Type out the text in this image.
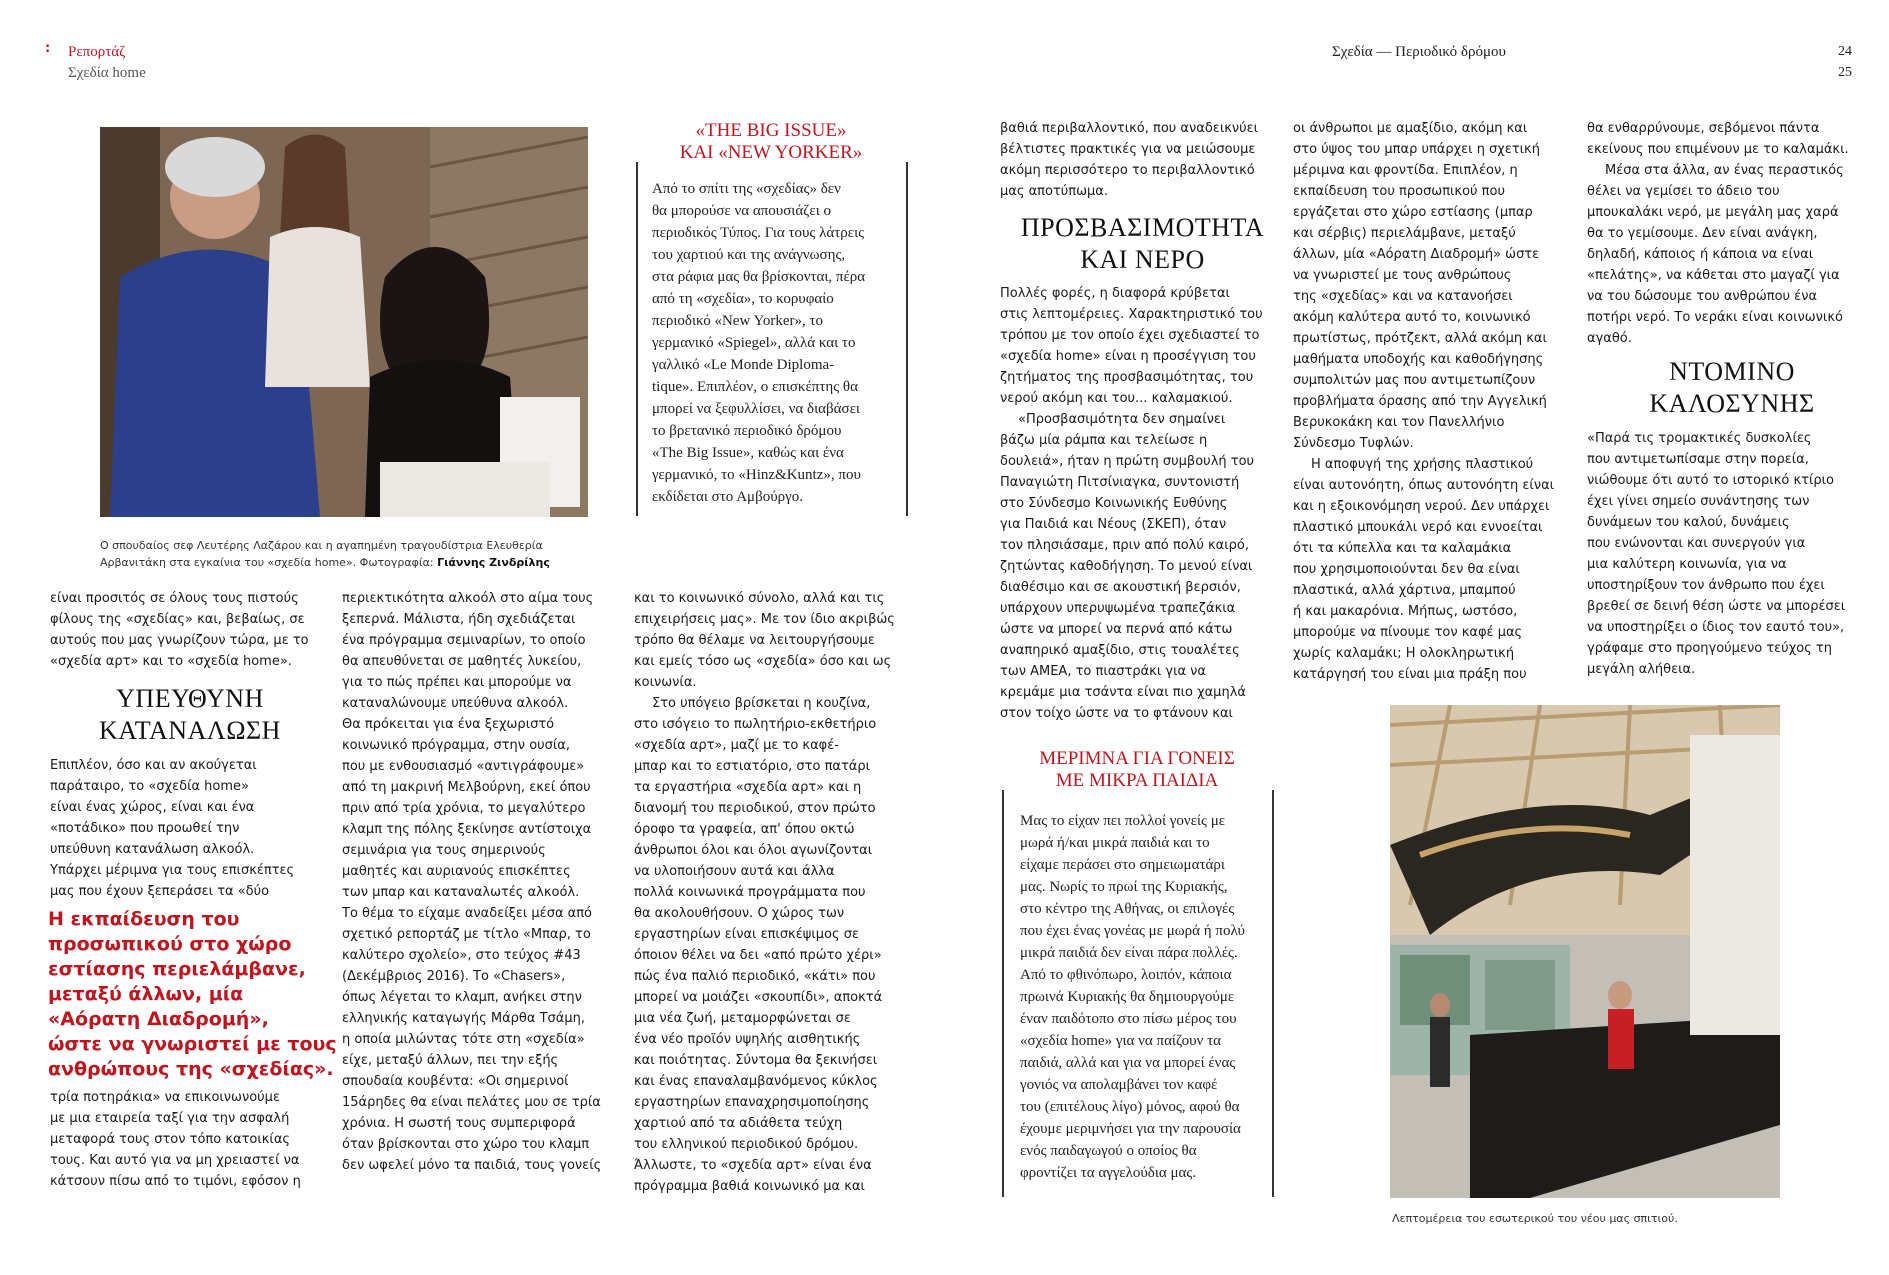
: Ρεπορτάζ
Σχεδία home
Σχεδία — Περιοδικό δρόμου	24
25
Ο σπουδαίος σεφ Λευτέρης Λαζάρου και η αγαπημένη τραγουδίστρια Ελευθερία
Αρβανιτάκη στα εγκαίνια του «σχεδία home». Φωτογραφία: Γιάννης Ζινδρίλης
«THE BIG ISSUE»
ΚΑΙ «NEW YORKER»
Από το σπίτι της «σχεδίας» δεν
θα μπορούσε να απουσιάζει ο
περιοδικός Τύπος. Για τους λάτρεις
του χαρτιού και της ανάγνωσης,
στα ράφια μας θα βρίσκονται, πέρα
από τη «σχεδία», το κορυφαίο
περιοδικό «New Yorker», το
γερμανικό «Spiegel», αλλά και το
γαλλικό «Le Monde Diploma-
tique». Επιπλέον, ο επισκέπτης θα
μπορεί να ξεφυλλίσει, να διαβάσει
το βρετανικό περιοδικό δρόμου
«The Big Issue», καθώς και ένα
γερμανικό, το «Hinz&Kuntz», που
εκδίδεται στο Αμβούργο.
είναι προσιτός σε όλους τους πιστούς
φίλους της «σχεδίας» και, βεβαίως, σε
αυτούς που μας γνωρίζουν τώρα, με το
«σχεδία αρτ» και το «σχεδία home».
ΥΠΕΥΘΥΝΗ
ΚΑΤΑΝΑΛΩΣΗ
Επιπλέον, όσο και αν ακούγεται
παράταιρο, το «σχεδία home»
είναι ένας χώρος, είναι και ένα
«ποτάδικο» που προωθεί την
υπεύθυνη κατανάλωση αλκοόλ.
Υπάρχει μέριμνα για τους επισκέπτες
μας που έχουν ξεπεράσει τα «δύο
Η εκπαίδευση του
προσωπικού στο χώρο
εστίασης περιελάμβανε,
μεταξύ άλλων, μία
«Αόρατη Διαδρομή»,
ώστε να γνωριστεί με τους
ανθρώπους της «σχεδίας».
τρία ποτηράκια» να επικοινωνούμε
με μια εταιρεία ταξί για την ασφαλή
μεταφορά τους στον τόπο κατοικίας
τους. Και αυτό για να μη χρειαστεί να
κάτσουν πίσω από το τιμόνι, εφόσον η
περιεκτικότητα αλκοόλ στο αίμα τους
ξεπερνά. Μάλιστα, ήδη σχεδιάζεται
ένα πρόγραμμα σεμιναρίων, το οποίο
θα απευθύνεται σε μαθητές λυκείου,
για το πώς πρέπει και μπορούμε να
καταναλώνουμε υπεύθυνα αλκοόλ.
Θα πρόκειται για ένα ξεχωριστό
κοινωνικό πρόγραμμα, στην ουσία,
που με ενθουσιασμό «αντιγράφουμε»
από τη μακρινή Μελβούρνη, εκεί όπου
πριν από τρία χρόνια, το μεγαλύτερο
κλαμπ της πόλης ξεκίνησε αντίστοιχα
σεμινάρια για τους σημερινούς
μαθητές και αυριανούς επισκέπτες
των μπαρ και καταναλωτές αλκοόλ.
Το θέμα το είχαμε αναδείξει μέσα από
σχετικό ρεπορτάζ με τίτλο «Μπαρ, το
καλύτερο σχολείο», στο τεύχος #43
(Δεκέμβριος 2016). Το «Chasers»,
όπως λέγεται το κλαμπ, ανήκει στην
ελληνικής καταγωγής Μάρθα Τσάμη,
η οποία μιλώντας τότε στη «σχεδία»
είχε, μεταξύ άλλων, πει την εξής
σπουδαία κουβέντα: «Οι σημερινοί
15άρηδες θα είναι πελάτες μου σε τρία
χρόνια. Η σωστή τους συμπεριφορά
όταν βρίσκονται στο χώρο του κλαμπ
δεν ωφελεί μόνο τα παιδιά, τους γονείς
και το κοινωνικό σύνολο, αλλά και τις
επιχειρήσεις μας». Με τον ίδιο ακριβώς
τρόπο θα θέλαμε να λειτουργήσουμε
και εμείς τόσο ως «σχεδία» όσο και ως
κοινωνία.
Στο υπόγειο βρίσκεται η κουζίνα,
στο ισόγειο το πωλητήριο-εκθετήριο
«σχεδία αρτ», μαζί με το καφέ-
μπαρ και το εστιατόριο, στο πατάρι
τα εργαστήρια «σχεδία αρτ» και η
διανομή του περιοδικού, στον πρώτο
όροφο τα γραφεία, απ' όπου οκτώ
άνθρωποι όλοι και όλοι αγωνίζονται
να υλοποιήσουν αυτά και άλλα
πολλά κοινωνικά προγράμματα που
θα ακολουθήσουν. Ο χώρος των
εργαστηρίων είναι επισκέψιμος σε
όποιον θέλει να δει «από πρώτο χέρι»
πώς ένα παλιό περιοδικό, «κάτι» που
μπορεί να μοιάζει «σκουπίδι», αποκτά
μια νέα ζωή, μεταμορφώνεται σε
ένα νέο προϊόν υψηλής αισθητικής
και ποιότητας. Σύντομα θα ξεκινήσει
και ένας επαναλαμβανόμενος κύκλος
εργαστηρίων επαναχρησιμοποίησης
χαρτιού από τα αδιάθετα τεύχη
του ελληνικού περιοδικού δρόμου.
Άλλωστε, το «σχεδία αρτ» είναι ένα
πρόγραμμα βαθιά κοινωνικό μα και
βαθιά περιβαλλοντικό, που αναδεικνύει
βέλτιστες πρακτικές για να μειώσουμε
ακόμη περισσότερο το περιβαλλοντικό
μας αποτύπωμα.
ΠΡΟΣΒΑΣΙΜΟΤΗΤΑ
ΚΑΙ ΝΕΡΟ
Πολλές φορές, η διαφορά κρύβεται
στις λεπτομέρειες. Χαρακτηριστικό του
τρόπου με τον οποίο έχει σχεδιαστεί το
«σχεδία home» είναι η προσέγγιση του
ζητήματος της προσβασιμότητας, του
νερού ακόμη και του... καλαμακιού.
«Προσβασιμότητα δεν σημαίνει
βάζω μία ράμπα και τελείωσε η
δουλειά», ήταν η πρώτη συμβουλή του
Παναγιώτη Πιτσίνιαγκα, συντονιστή
στο Σύνδεσμο Κοινωνικής Ευθύνης
για Παιδιά και Νέους (ΣΚΕΠ), όταν
τον πλησιάσαμε, πριν από πολύ καιρό,
ζητώντας καθοδήγηση. Το μενού είναι
διαθέσιμο και σε ακουστική βερσιόν,
υπάρχουν υπερυψωμένα τραπεζάκια
ώστε να μπορεί να περνά από κάτω
αναπηρικό αμαξίδιο, στις τουαλέτες
των ΑΜΕΑ, το πιαστράκι για να
κρεμάμε μια τσάντα είναι πιο χαμηλά
στον τοίχο ώστε να το φτάνουν και
ΜΕΡΙΜΝΑ ΓΙΑ ΓΟΝΕΙΣ
ΜΕ ΜΙΚΡΑ ΠΑΙΔΙΑ
Μας το είχαν πει πολλοί γονείς με
μωρά ή/και μικρά παιδιά και το
είχαμε περάσει στο σημειωματάρι
μας. Νωρίς το πρωί της Κυριακής,
στο κέντρο της Αθήνας, οι επιλογές
που έχει ένας γονέας με μωρά ή πολύ
μικρά παιδιά δεν είναι πάρα πολλές.
Από το φθινόπωρο, λοιπόν, κάποια
πρωινά Κυριακής θα δημιουργούμε
έναν παιδότοπο στο πίσω μέρος του
«σχεδία home» για να παίζουν τα
παιδιά, αλλά και για να μπορεί ένας
γονιός να απολαμβάνει τον καφέ
του (επιτέλους λίγο) μόνος, αφού θα
έχουμε μεριμνήσει για την παρουσία
ενός παιδαγωγού ο οποίος θα
φροντίζει τα αγγελούδια μας.
οι άνθρωποι με αμαξίδιο, ακόμη και
στο ύψος του μπαρ υπάρχει η σχετική
μέριμνα και φροντίδα. Επιπλέον, η
εκπαίδευση του προσωπικού που
εργάζεται στο χώρο εστίασης (μπαρ
και σέρβις) περιελάμβανε, μεταξύ
άλλων, μία «Αόρατη Διαδρομή» ώστε
να γνωριστεί με τους ανθρώπους
της «σχεδίας» και να κατανοήσει
ακόμη καλύτερα αυτό το, κοινωνικό
πρωτίστως, πρότζεκτ, αλλά ακόμη και
μαθήματα υποδοχής και καθοδήγησης
συμπολιτών μας που αντιμετωπίζουν
προβλήματα όρασης από την Αγγελική
Βερυκοκάκη και τον Πανελλήνιο
Σύνδεσμο Τυφλών.
Η αποφυγή της χρήσης πλαστικού
είναι αυτονόητη, όπως αυτονόητη είναι
και η εξοικονόμηση νερού. Δεν υπάρχει
πλαστικό μπουκάλι νερό και εννοείται
ότι τα κύπελλα και τα καλαμάκια
που χρησιμοποιούνται δεν θα είναι
πλαστικά, αλλά χάρτινα, μπαμπού
ή και μακαρόνια. Μήπως, ωστόσο,
μπορούμε να πίνουμε τον καφέ μας
χωρίς καλαμάκι; Η ολοκληρωτική
κατάργησή του είναι μια πράξη που
θα ενθαρρύνουμε, σεβόμενοι πάντα
εκείνους που επιμένουν με το καλαμάκι.
Μέσα στα άλλα, αν ένας περαστικός
θέλει να γεμίσει το άδειο του
μπουκαλάκι νερό, με μεγάλη μας χαρά
θα το γεμίσουμε. Δεν είναι ανάγκη,
δηλαδή, κάποιος ή κάποια να είναι
«πελάτης», να κάθεται στο μαγαζί για
να του δώσουμε του ανθρώπου ένα
ποτήρι νερό. Το νεράκι είναι κοινωνικό
αγαθό.
ΝΤΟΜΙΝΟ
ΚΑΛΟΣΥΝΗΣ
«Παρά τις τρομακτικές δυσκολίες
που αντιμετωπίσαμε στην πορεία,
νιώθουμε ότι αυτό το ιστορικό κτίριο
έχει γίνει σημείο συνάντησης των
δυνάμεων του καλού, δυνάμεις
που ενώνονται και συνεργούν για
μια καλύτερη κοινωνία, για να
υποστηρίξουν τον άνθρωπο που έχει
βρεθεί σε δεινή θέση ώστε να μπορέσει
να υποστηρίξει ο ίδιος τον εαυτό του»,
γράφαμε στο προηγούμενο τεύχος τη
μεγάλη αλήθεια.
Λεπτομέρεια του εσωτερικού του νέου μας σπιτιού.
